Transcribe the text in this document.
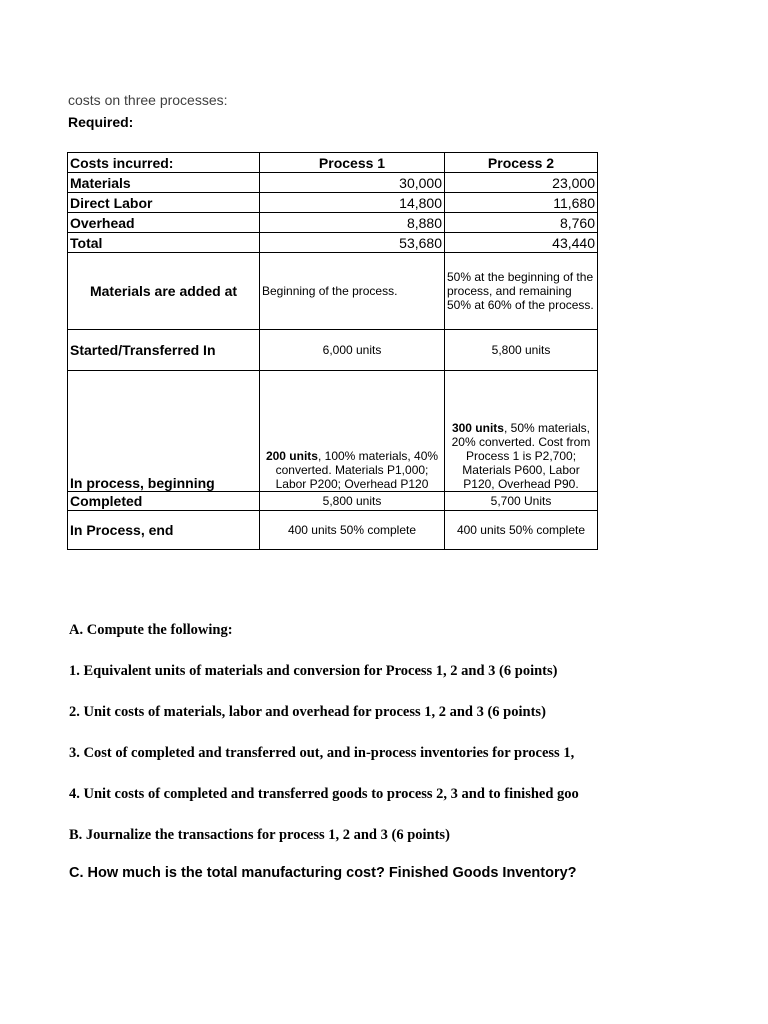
costs on three processes:
Required:
Costs incurred:	Process 1	Process 2
Materials	30,000	23,000
Direct Labor	14,800	11,680
Overhead	8,880	8,760
Total	53,680	43,440
Materials are added at	Beginning of the process.	50% at the beginning of the process, and remaining 50% at 60% of the process.
Started/Transferred In	6,000 units	5,800 units
In process, beginning	200 units, 100% materials, 40% converted. Materials P1,000; Labor P200; Overhead P120	300 units, 50% materials, 20% converted. Cost from Process 1 is P2,700; Materials P600, Labor P120, Overhead P90.
Completed	5,800 units	5,700 Units
In Process, end	400 units 50% complete	400 units 50% complete
A. Compute the following:
1. Equivalent units of materials and conversion for Process 1, 2 and 3 (6 points)
2. Unit costs of materials, labor and overhead for process 1, 2 and 3 (6 points)
3. Cost of completed and transferred out, and in-process inventories for process 1,
4. Unit costs of completed and transferred goods to process 2, 3 and to finished goo
B. Journalize the transactions for process 1, 2 and 3 (6 points)
C. How much is the total manufacturing cost? Finished Goods Inventory?
